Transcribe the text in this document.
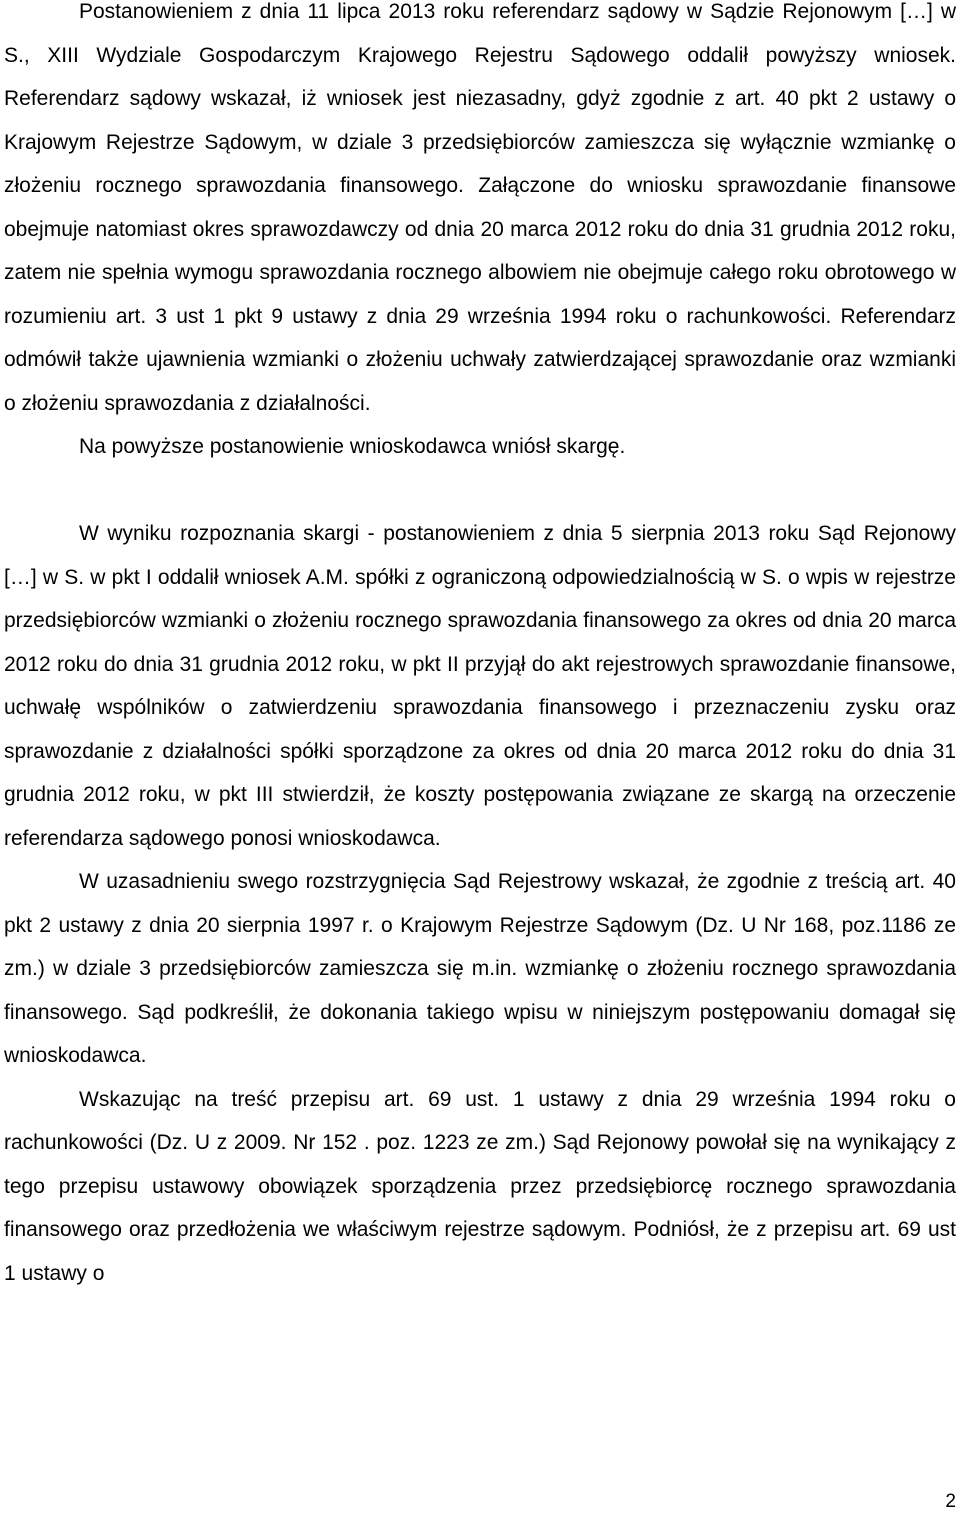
Postanowieniem z dnia 11 lipca 2013 roku referendarz sądowy w Sądzie Rejonowym […] w S., XIII Wydziale Gospodarczym Krajowego Rejestru Sądowego oddalił powyższy wniosek. Referendarz sądowy wskazał, iż wniosek jest niezasadny, gdyż zgodnie z art. 40 pkt 2 ustawy o Krajowym Rejestrze Sądowym, w dziale 3 przedsiębiorców zamieszcza się wyłącznie wzmiankę o złożeniu rocznego sprawozdania finansowego. Załączone do wniosku sprawozdanie finansowe obejmuje natomiast okres sprawozdawczy od dnia 20 marca 2012 roku do dnia 31 grudnia 2012 roku, zatem nie spełnia wymogu sprawozdania rocznego albowiem nie obejmuje całego roku obrotowego w rozumieniu art. 3 ust 1 pkt 9 ustawy z dnia 29 września 1994 roku o rachunkowości. Referendarz odmówił także ujawnienia wzmianki o złożeniu uchwały zatwierdzającej sprawozdanie oraz wzmianki o złożeniu sprawozdania z działalności.

Na powyższe postanowienie wnioskodawca wniósł skargę.

W wyniku rozpoznania skargi - postanowieniem z dnia 5 sierpnia 2013 roku Sąd Rejonowy […] w S. w pkt I oddalił wniosek A.M. spółki z ograniczoną odpowiedzialnością w S. o wpis w rejestrze przedsiębiorców wzmianki o złożeniu rocznego sprawozdania finansowego za okres od dnia 20 marca 2012 roku do dnia 31 grudnia 2012 roku, w pkt II przyjął do akt rejestrowych sprawozdanie finansowe, uchwałę wspólników o zatwierdzeniu sprawozdania finansowego i przeznaczeniu zysku oraz sprawozdanie z działalności spółki sporządzone za okres od dnia 20 marca 2012 roku do dnia 31 grudnia 2012 roku, w pkt III stwierdził, że koszty postępowania związane ze skargą na orzeczenie referendarza sądowego ponosi wnioskodawca.

W uzasadnieniu swego rozstrzygnięcia Sąd Rejestrowy wskazał, że zgodnie z treścią art. 40 pkt 2 ustawy z dnia 20 sierpnia 1997 r. o Krajowym Rejestrze Sądowym (Dz. U Nr 168, poz.1186 ze zm.) w dziale 3 przedsiębiorców zamieszcza się m.in. wzmiankę o złożeniu rocznego sprawozdania finansowego. Sąd podkreślił, że dokonania takiego wpisu w niniejszym postępowaniu domagał się wnioskodawca.

Wskazując na treść przepisu art. 69 ust. 1 ustawy z dnia 29 września 1994 roku o rachunkowości (Dz. U z 2009. Nr 152 . poz. 1223 ze zm.) Sąd Rejonowy powołał się na wynikający z tego przepisu ustawowy obowiązek sporządzenia przez przedsiębiorcę rocznego sprawozdania finansowego oraz przedłożenia we właściwym rejestrze sądowym. Podniósł, że z przepisu art. 69 ust 1 ustawy o

2
